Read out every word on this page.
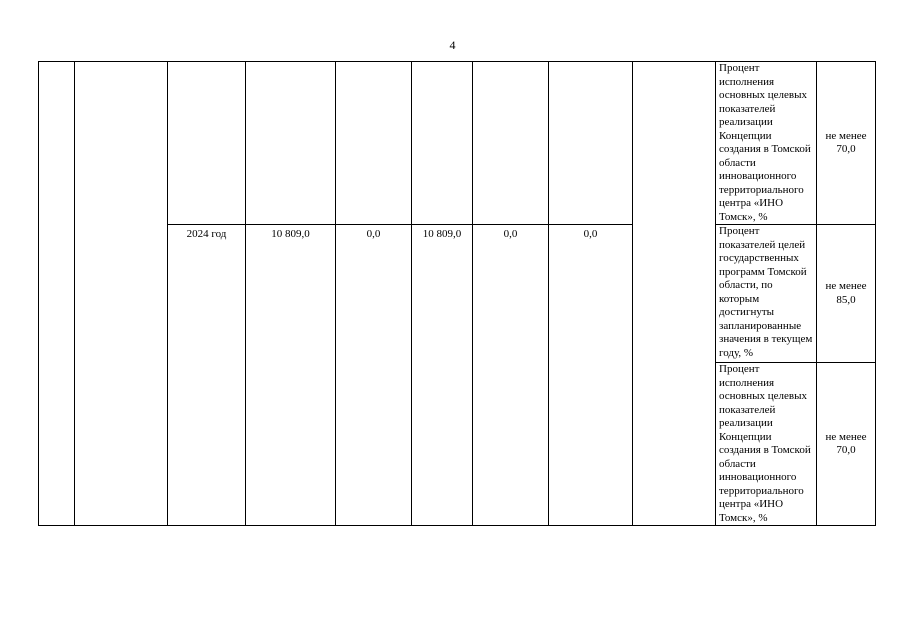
4
									Процент исполнения основных целевых показателей реализации Концепции создания в Томской области инновационного территориального центра «ИНО Томск», %	не менее
70,0

		2024 год	10 809,0	0,0	10 809,0	0,0	0,0		Процент показателей целей государственных программ Томской области, по которым достигнуты запланированные значения в текущем году, %	не менее
85,0

									Процент исполнения основных целевых показателей реализации Концепции создания в Томской области инновационного территориального центра «ИНО Томск», %	не менее
70,0
